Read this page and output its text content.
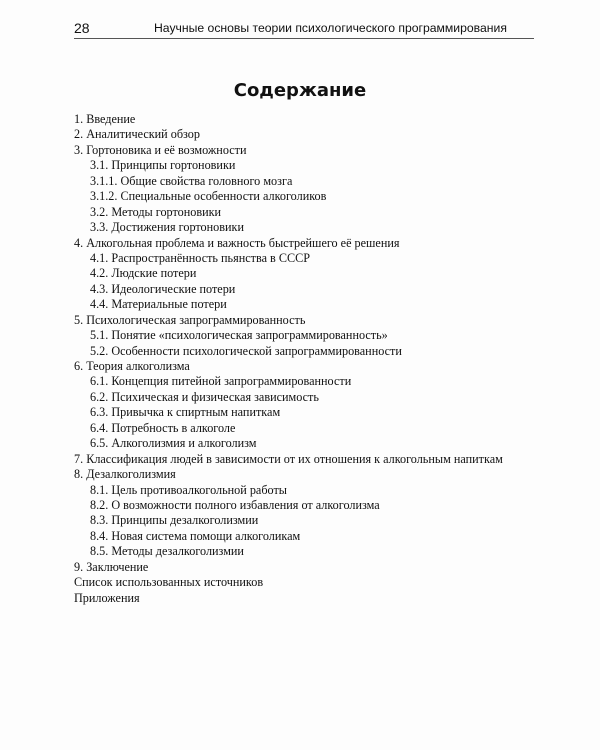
28	Научные основы теории психологического программирования
Содержание
1. Введение
2. Аналитический обзор
3. Гортоновика и её возможности
3.1. Принципы гортоновики
3.1.1. Общие свойства головного мозга
3.1.2. Специальные особенности алкоголиков
3.2. Методы гортоновики
3.3. Достижения гортоновики
4. Алкогольная проблема и важность быстрейшего её решения
4.1. Распространённость пьянства в СССР
4.2. Людские потери
4.3. Идеологические потери
4.4. Материальные потери
5. Психологическая запрограммированность
5.1. Понятие «психологическая запрограммированность»
5.2. Особенности психологической запрограммированности
6. Теория алкоголизма
6.1. Концепция питейной запрограммированности
6.2. Психическая и физическая зависимость
6.3. Привычка к спиртным напиткам
6.4. Потребность в алкоголе
6.5. Алкоголизмия и алкоголизм
7. Классификация людей в зависимости от их отношения к алкогольным напиткам
8. Дезалкоголизмия
8.1. Цель противоалкогольной работы
8.2. О возможности полного избавления от алкоголизма
8.3. Принципы дезалкоголизмии
8.4. Новая система помощи алкоголикам
8.5. Методы дезалкоголизмии
9. Заключение
Список использованных источников
Приложения
